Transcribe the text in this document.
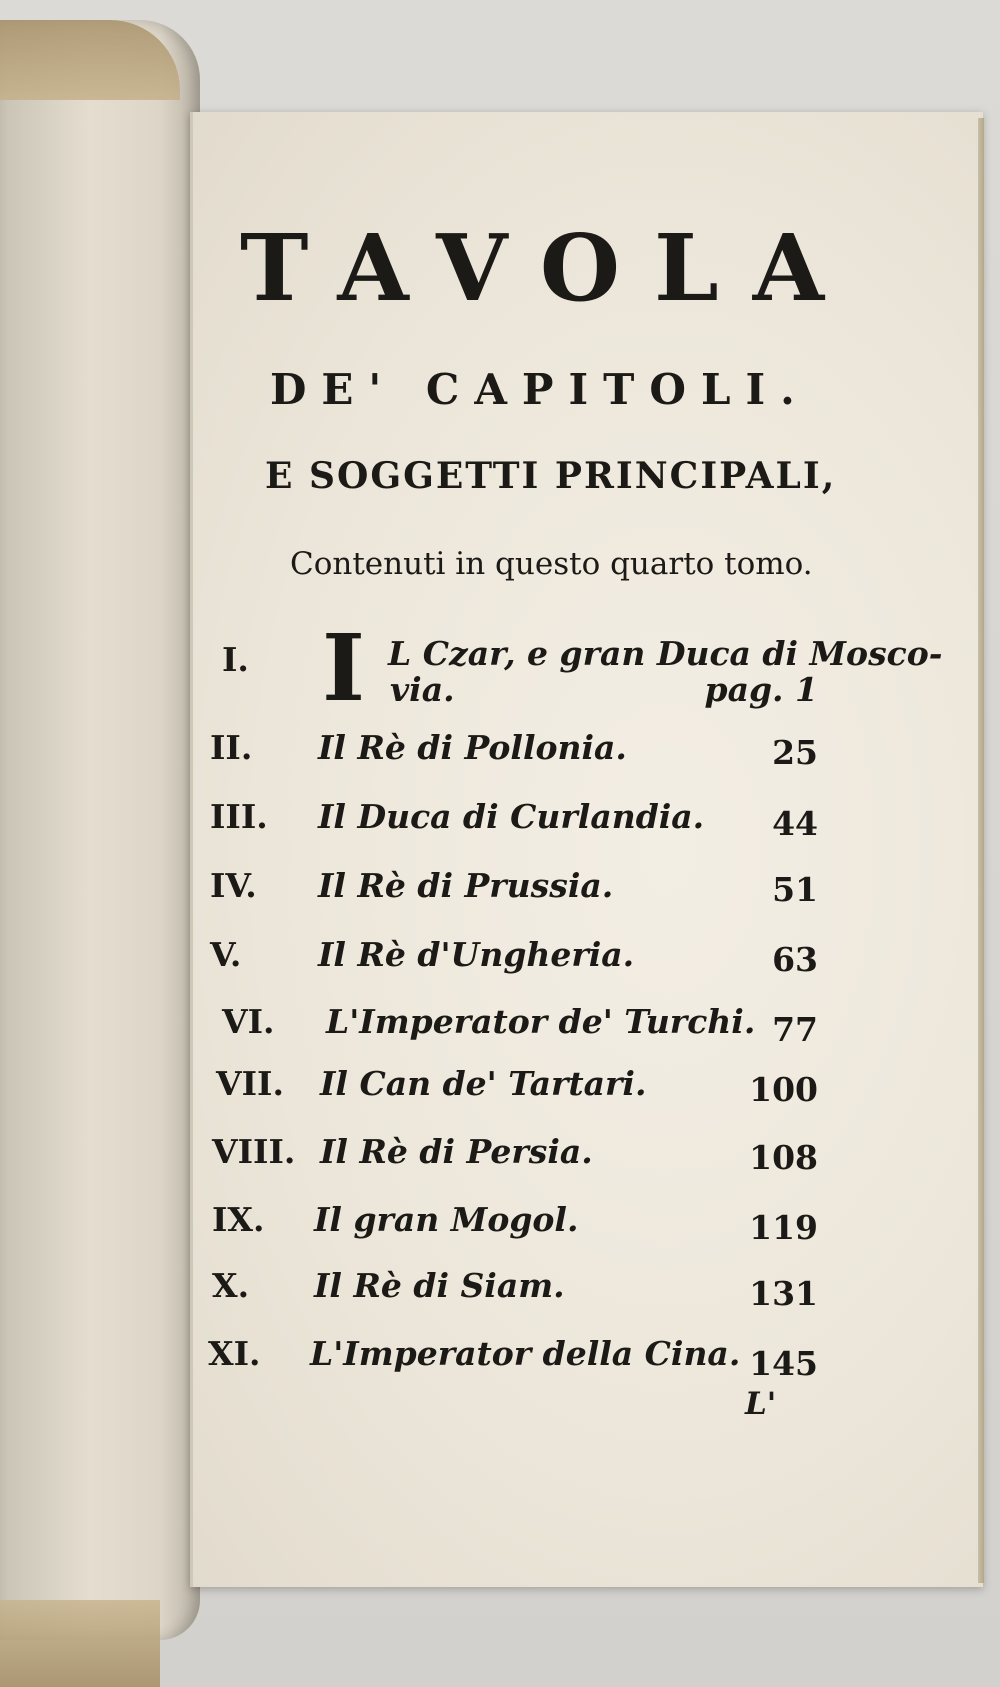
TAVOLA
DE' CAPITOLI.
E SOGGETTI PRINCIPALI,
Contenuti in questo quarto tomo.
I. I L Czar, e gran Duca di Mosco-
via.	pag. 1
II. Il Rè di Pollonia.	25
III. Il Duca di Curlandia. 44
IV. Il Rè di Prussia.	51
V. Il Rè d'Ungheria.	63
VI. L'Imperator de' Turchi. 77
VII. Il Can de' Tartari.	100
VIII. Il Rè di Persia.	108
IX. Il gran Mogol.	119
X. Il Rè di Siam.	131
XI. L'Imperator della Cina. 145
L'
